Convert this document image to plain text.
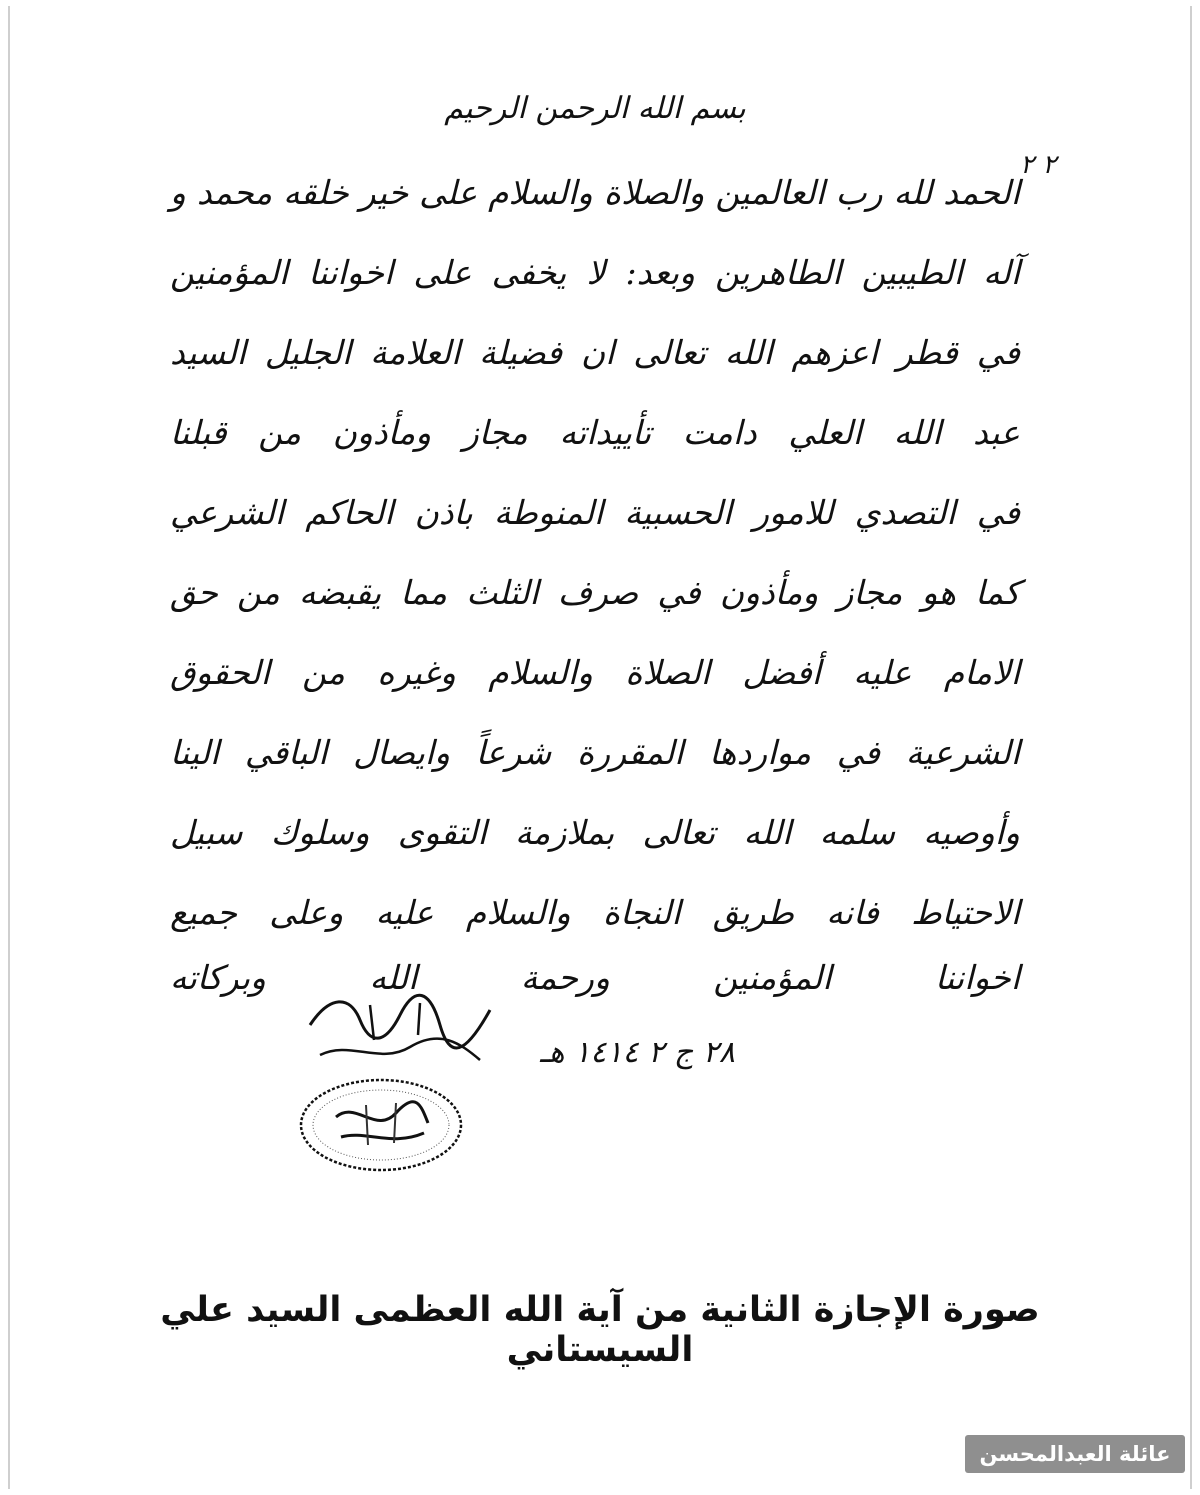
٢ ٢
بسم الله الرحمن الرحيم
الحمد لله رب العالمين والصلاة والسلام على خير خلقه محمد و
آله الطيبين الطاهرين وبعد: لا يخفى على اخواننا المؤمنين
في قطر اعزهم الله تعالى ان فضيلة العلامة الجليل السيد
عبد الله العلي دامت تأييداته مجاز ومأذون من قبلنا
في التصدي للامور الحسبية المنوطة باذن الحاكم الشرعي
كما هو مجاز ومأذون في صرف الثلث مما يقبضه من حق
الامام عليه أفضل الصلاة والسلام وغيره من الحقوق
الشرعية في مواردها المقررة شرعاً وايصال الباقي الينا
وأوصيه سلمه الله تعالى بملازمة التقوى وسلوك سبيل
الاحتياط فانه طريق النجاة والسلام عليه وعلى جميع
اخواننا المؤمنين ورحمة الله وبركاته
٢٨ ج ٢ ١٤١٤ هـ
صورة الإجازة الثانية من آية الله العظمى السيد علي السيستاني
عائلة العبدالمحسن
